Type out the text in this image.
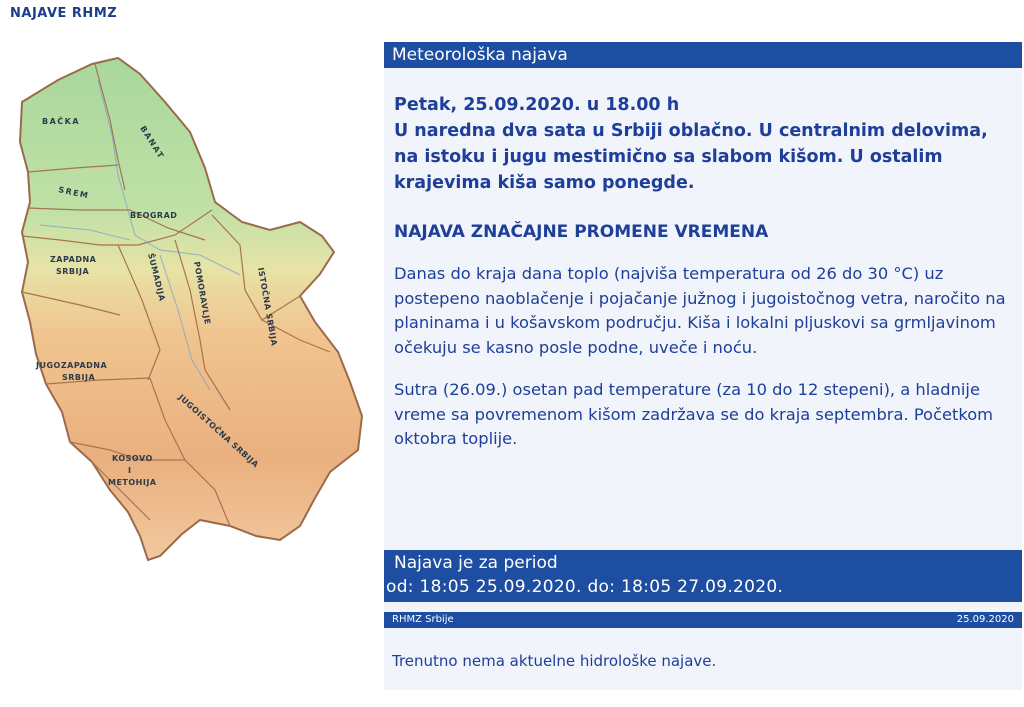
NAJAVE RHMZ
BAČKA
BANAT
SREM
BEOGRAD
ZAPADNA
SRBIJA	ŠUMADIJA	POMORAVLJE	ISTOČNA SRBIJA
JUGOZAPADNA
SRBIJA
JUGOISTOČNA SRBIJA
KOSOVO
I
METOHIJA
Meteorološka najava

Petak, 25.09.2020. u 18.00 h

U naredna dva sata u Srbiji oblačno. U centralnim delovima, na istoku i jugu mestimično sa slabom kišom. U ostalim krajevima kiša samo ponegde.

NAJAVA ZNAČAJNE PROMENE VREMENA

Danas do kraja dana toplo (najviša temperatura od 26 do 30 °C) uz postepeno naoblačenje i pojačanje južnog i jugoistočnog vetra, naročito na planinama i u košavskom području. Kiša i lokalni pljuskovi sa grmljavinom očekuju se kasno posle podne, uveče i noću.

Sutra (26.09.) osetan pad temperature (za 10 do 12 stepeni), a hladnije vreme sa povremenom kišom zadržava se do kraja septembra. Početkom oktobra toplije.

Najava je za period
od: 18:05 25.09.2020. do: 18:05 27.09.2020.
RHMZ Srbije	25.09.2020
Trenutno nema aktuelne hidrološke najave.
